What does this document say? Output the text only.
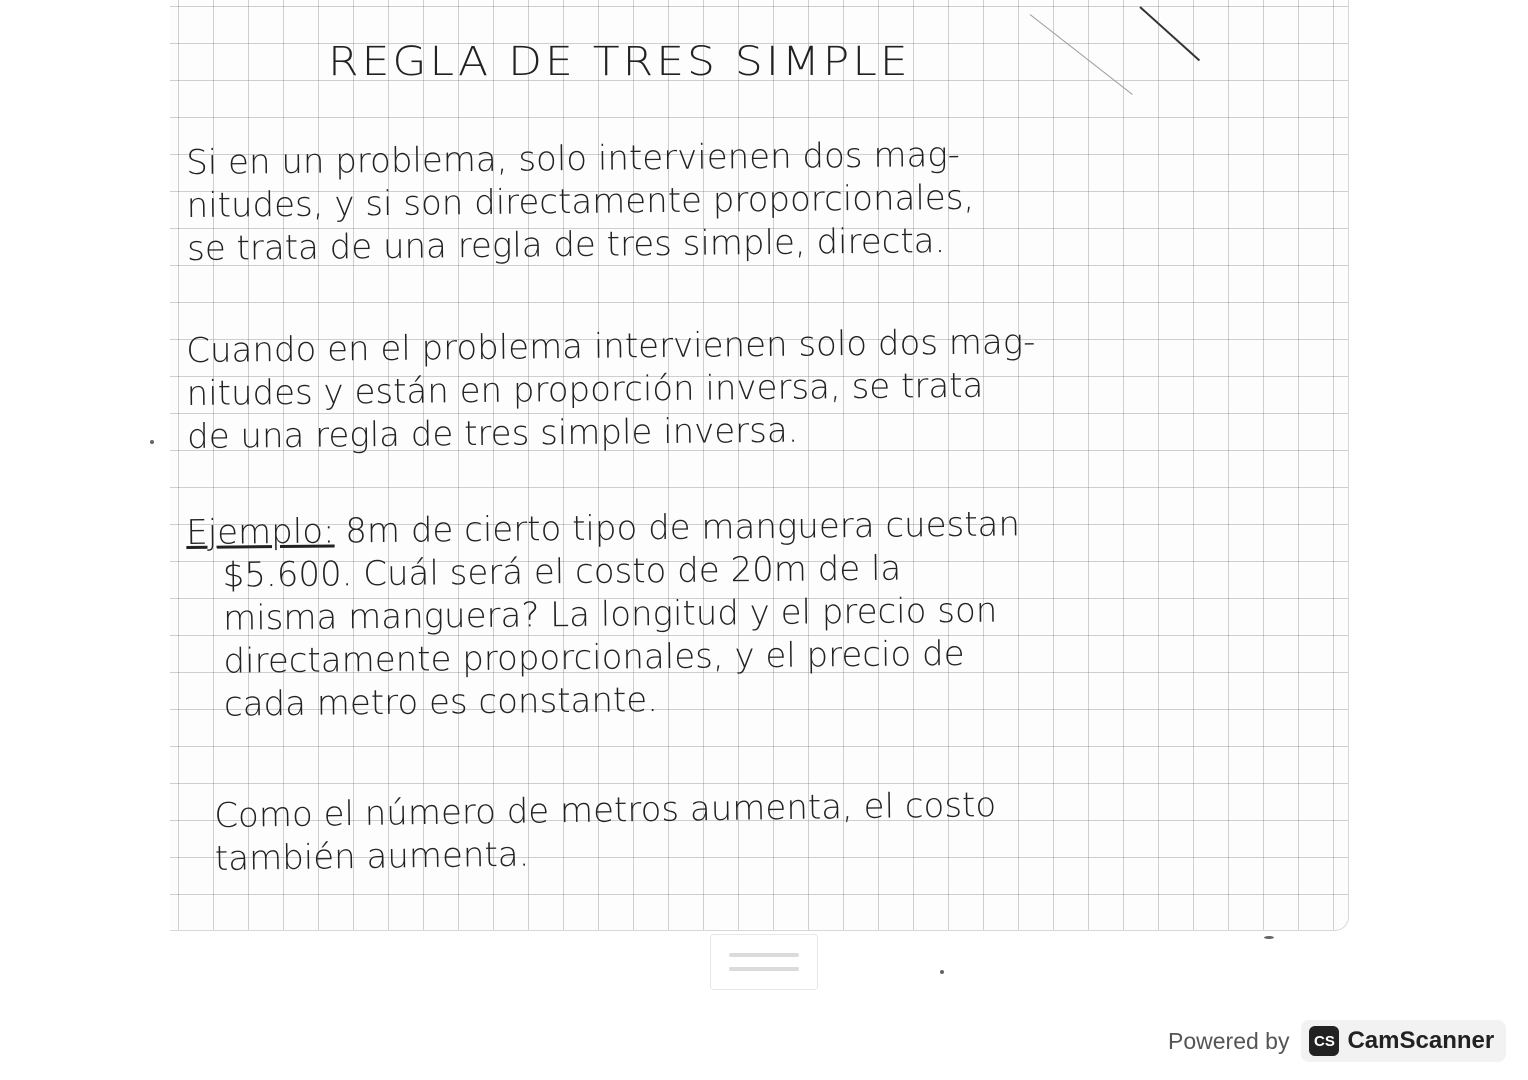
REGLA DE TRES SIMPLE
Si en un problema, solo intervienen dos mag-
nitudes, y si son directamente proporcionales,
se trata de una regla de tres simple, directa.
Cuando en el problema intervienen solo dos mag-
nitudes y están en proporción inversa, se trata
de una regla de tres simple inversa.
Ejemplo: 8m de cierto tipo de manguera cuestan
$5.600. Cuál será el costo de 20m de la
misma manguera? La longitud y el precio son
directamente proporcionales, y el precio de
cada metro es constante.
Como el número de metros aumenta, el costo
también aumenta.
Powered by	CS CamScanner
